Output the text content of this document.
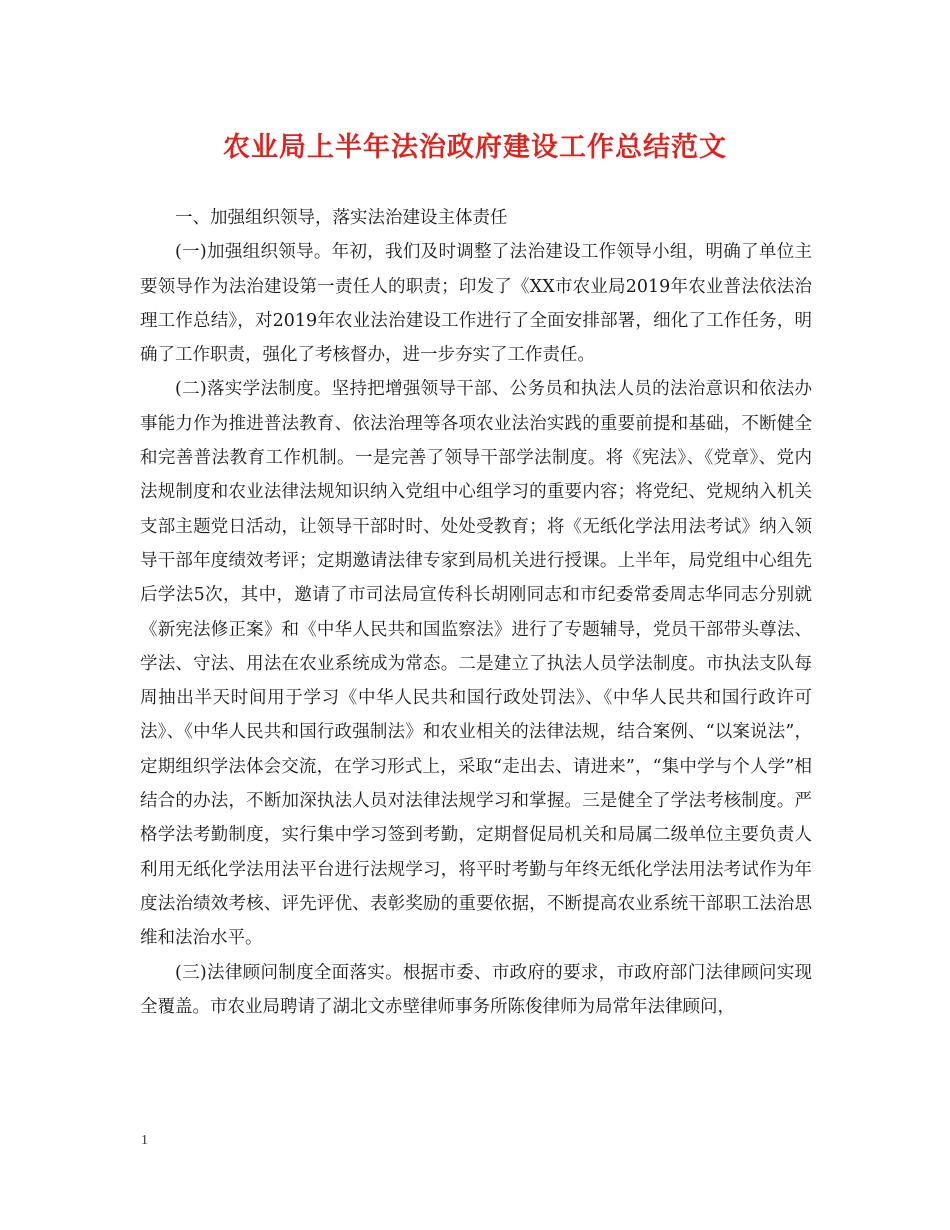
农业局上半年法治政府建设工作总结范文

一、加强组织领导，落实法治建设主体责任

(一)加强组织领导。年初，我们及时调整了法治建设工作领导小组，明确了单位主要领导作为法治建设第一责任人的职责；印发了《XX市农业局2019年农业普法依法治理工作总结》，对2019年农业法治建设工作进行了全面安排部署，细化了工作任务，明确了工作职责，强化了考核督办，进一步夯实了工作责任。

(二)落实学法制度。坚持把增强领导干部、公务员和执法人员的法治意识和依法办事能力作为推进普法教育、依法治理等各项农业法治实践的重要前提和基础，不断健全和完善普法教育工作机制。一是完善了领导干部学法制度。将《宪法》、《党章》、党内法规制度和农业法律法规知识纳入党组中心组学习的重要内容；将党纪、党规纳入机关支部主题党日活动，让领导干部时时、处处受教育；将《无纸化学法用法考试》纳入领导干部年度绩效考评；定期邀请法律专家到局机关进行授课。上半年，局党组中心组先后学法5次，其中，邀请了市司法局宣传科长胡刚同志和市纪委常委周志华同志分别就《新宪法修正案》和《中华人民共和国监察法》进行了专题辅导，党员干部带头尊法、学法、守法、用法在农业系统成为常态。二是建立了执法人员学法制度。市执法支队每周抽出半天时间用于学习《中华人民共和国行政处罚法》、《中华人民共和国行政许可法》、《中华人民共和国行政强制法》和农业相关的法律法规，结合案例、“以案说法”，定期组织学法体会交流，在学习形式上，采取“走出去、请进来”，“集中学与个人学”相结合的办法，不断加深执法人员对法律法规学习和掌握。三是健全了学法考核制度。严格学法考勤制度，实行集中学习签到考勤，定期督促局机关和局属二级单位主要负责人利用无纸化学法用法平台进行法规学习，将平时考勤与年终无纸化学法用法考试作为年度法治绩效考核、评先评优、表彰奖励的重要依据，不断提高农业系统干部职工法治思维和法治水平。

(三)法律顾问制度全面落实。根据市委、市政府的要求，市政府部门法律顾问实现全覆盖。市农业局聘请了湖北文赤壁律师事务所陈俊律师为局常年法律顾问，

1
